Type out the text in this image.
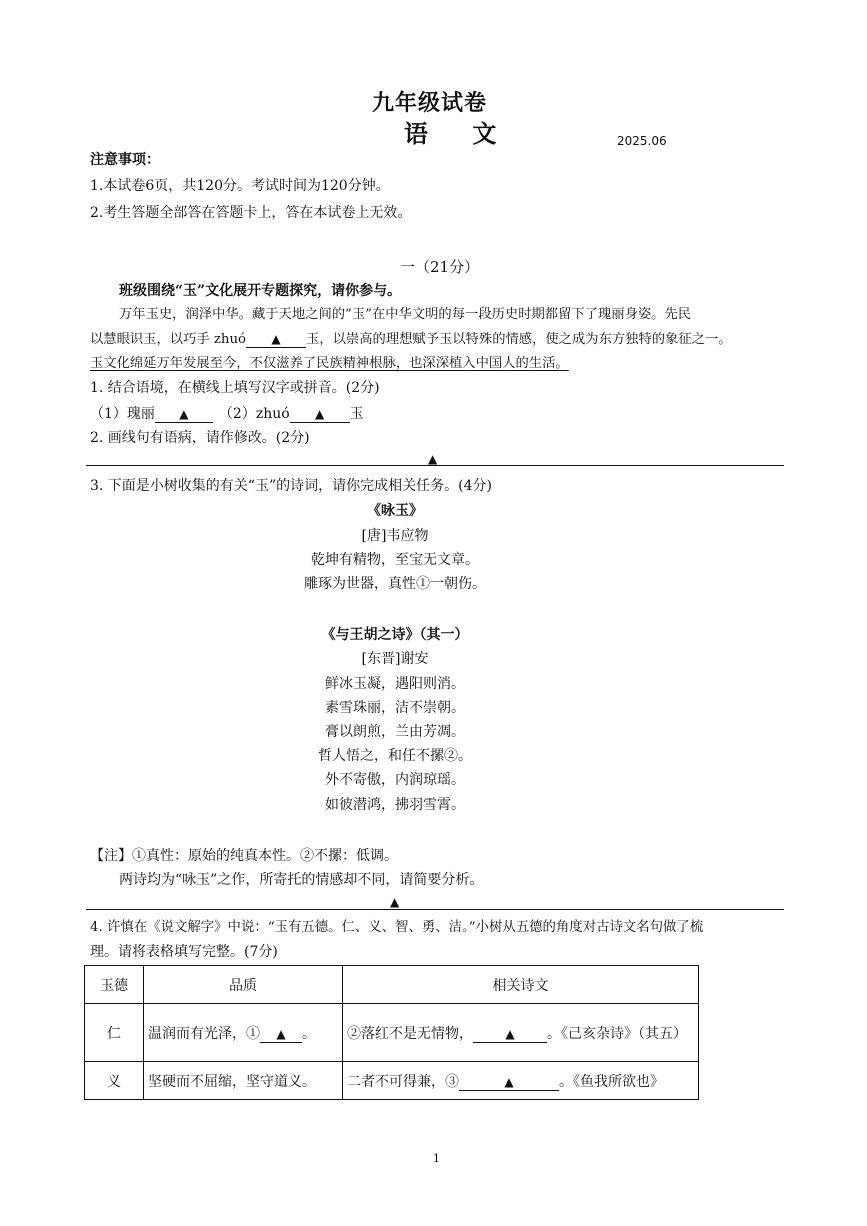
九年级试卷
语 文	2025.06
注意事项：
1.本试卷6页，共120分。考试时间为120分钟。
2.考生答题全部答在答题卡上，答在本试卷上无效。
一（21分）
班级围绕“玉”文化展开专题探究，请你参与。
万年玉史，润泽中华。藏于天地之间的“玉”在中华文明的每一段历史时期都留下了瑰丽身姿。先民
以慧眼识玉，以巧手 zhuó ▲ 玉，以崇高的理想赋予玉以特殊的情感，使之成为东方独特的象征之一。
玉文化绵延万年发展至今，不仅滋养了民族精神根脉，也深深植入中国人的生活。
1. 结合语境，在横线上填写汉字或拼音。(2分)
（1）瑰丽 ▲ （2）zhuó ▲ 玉
2. 画线句有语病，请作修改。(2分)
▲
3. 下面是小树收集的有关“玉”的诗词，请你完成相关任务。(4分)
《咏玉》
[唐]韦应物
乾坤有精物，至宝无文章。
雕琢为世器，真性①一朝伤。
《与王胡之诗》（其一）
[东晋]谢安
鲜冰玉凝，遇阳则消。
素雪珠丽，洁不崇朝。
膏以朗煎，兰由芳凋。
哲人悟之，和任不摞②。
外不寄傲，内润琼瑶。
如彼潜鸿，拂羽雪霄。
【注】①真性：原始的纯真本性。②不摞：低调。
两诗均为“咏玉”之作，所寄托的情感却不同，请简要分析。
▲
4. 许慎在《说文解字》中说：“玉有五德。仁、义、智、勇、洁。”小树从五德的角度对古诗文名句做了梳
理。请将表格填写完整。(7分)
玉德	品质	相关诗文
仁	温润而有光泽，① ▲ 。	②落红不是无情物， ▲ 。《己亥杂诗》（其五）
义	坚硬而不屈缩，坚守道义。	二者不可得兼，③ ▲ 。《鱼我所欲也》
1
